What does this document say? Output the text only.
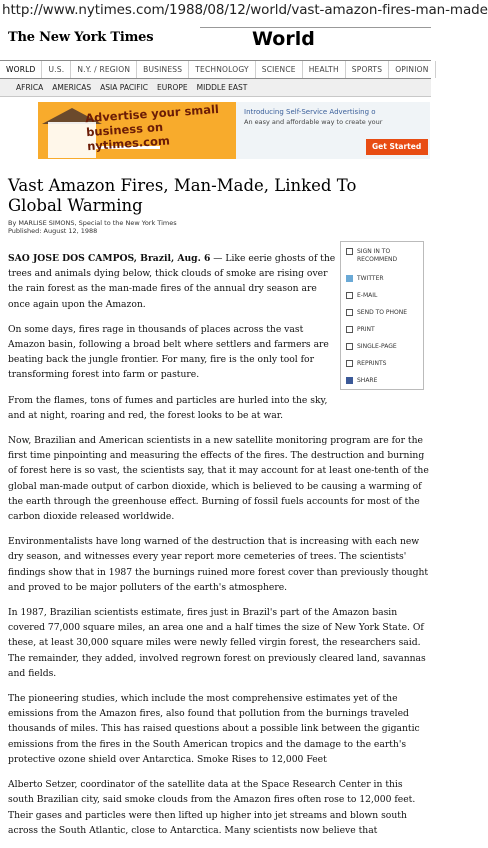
http://www.nytimes.com/1988/08/12/world/vast-amazon-fires-man-made
The New York Times	World
WORLD	U.S.	N.Y. / REGION	BUSINESS	TECHNOLOGY	SCIENCE	HEALTH	SPORTS	OPINION
AFRICA AMERICAS ASIA PACIFIC EUROPE MIDDLE EAST
Advertise your small business on nytimes.com
Introducing Self-Service Advertising o
An easy and affordable way to create your
Get Started »
Vast Amazon Fires, Man-Made, Linked To Global Warming
By MARLISE SIMONS, Special to the New York Times
Published: August 12, 1988
SIGN IN TO RECOMMEND
TWITTER
E-MAIL
SEND TO PHONE
PRINT
SINGLE-PAGE
REPRINTS
SHARE

SAO JOSE DOS CAMPOS, Brazil, Aug. 6 — Like eerie ghosts of the trees and animals dying below, thick clouds of smoke are rising over the rain forest as the man-made fires of the annual dry season are once again upon the Amazon.

On some days, fires rage in thousands of places across the vast Amazon basin, following a broad belt where settlers and farmers are beating back the jungle frontier. For many, fire is the only tool for transforming forest into farm or pasture.

From the flames, tons of fumes and particles are hurled into the sky, and at night, roaring and red, the forest looks to be at war.

Now, Brazilian and American scientists in a new satellite monitoring program are for the first time pinpointing and measuring the effects of the fires. The destruction and burning of forest here is so vast, the scientists say, that it may account for at least one-tenth of the global man-made output of carbon dioxide, which is believed to be causing a warming of the earth through the greenhouse effect. Burning of fossil fuels accounts for most of the carbon dioxide released worldwide.

Environmentalists have long warned of the destruction that is increasing with each new dry season, and witnesses every year report more cemeteries of trees. The scientists' findings show that in 1987 the burnings ruined more forest cover than previously thought and proved to be major polluters of the earth's atmosphere.

In 1987, Brazilian scientists estimate, fires just in Brazil's part of the Amazon basin covered 77,000 square miles, an area one and a half times the size of New York State. Of these, at least 30,000 square miles were newly felled virgin forest, the researchers said. The remainder, they added, involved regrown forest on previously cleared land, savannas and fields.

The pioneering studies, which include the most comprehensive estimates yet of the emissions from the Amazon fires, also found that pollution from the burnings traveled thousands of miles. This has raised questions about a possible link between the gigantic emissions from the fires in the South American tropics and the damage to the earth's protective ozone shield over Antarctica. Smoke Rises to 12,000 Feet

Alberto Setzer, coordinator of the satellite data at the Space Research Center in this south Brazilian city, said smoke clouds from the Amazon fires often rose to 12,000 feet. Their gases and particles were then lifted up higher into jet streams and blown south across the South Atlantic, close to Antarctica. Many scientists now believe that
